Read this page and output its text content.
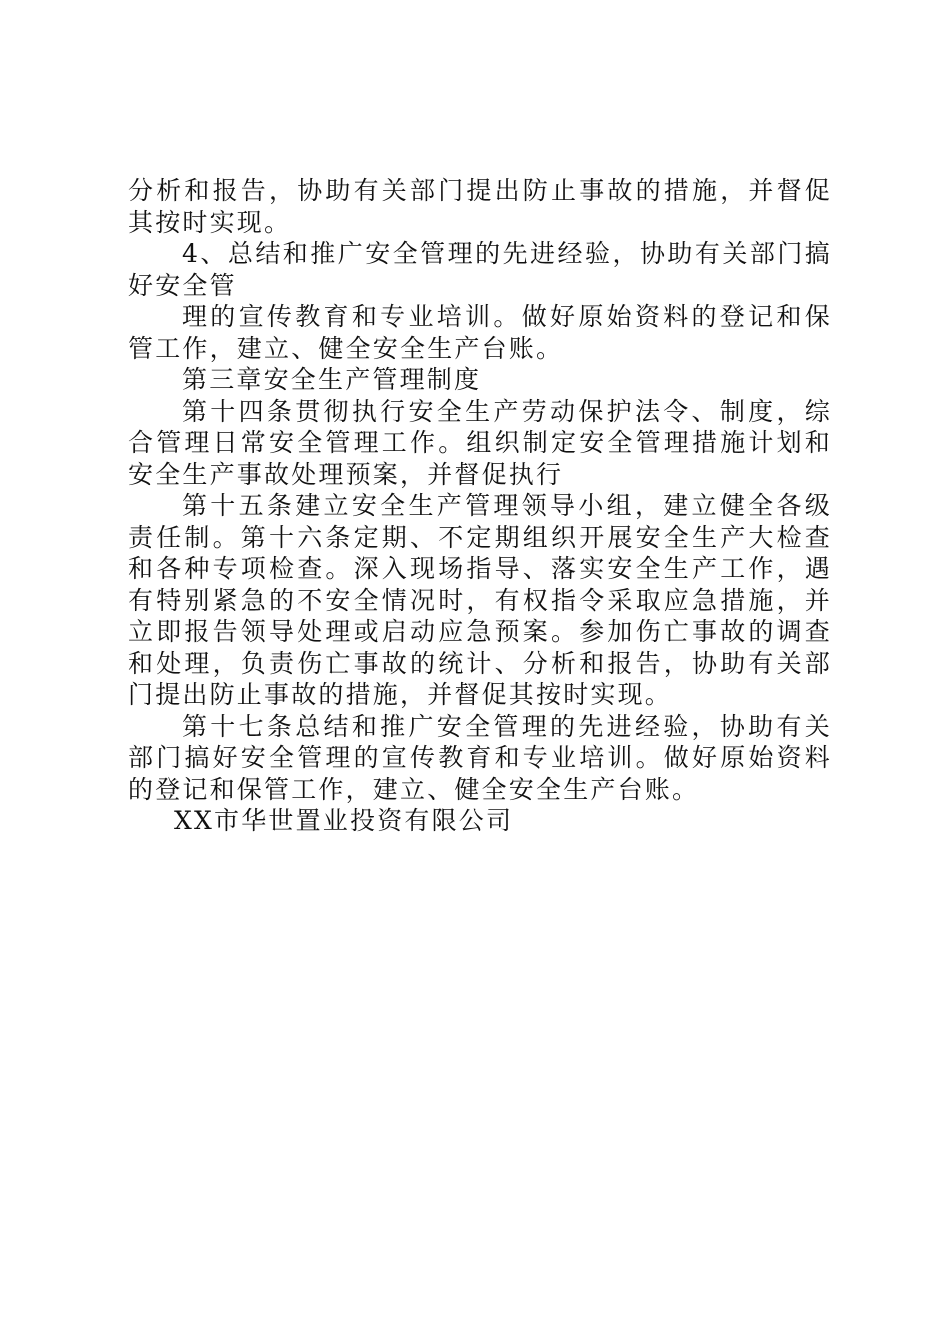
分析和报告，协助有关部门提出防止事故的措施，并督促其按时实现。

4、总结和推广安全管理的先进经验，协助有关部门搞好安全管

理的宣传教育和专业培训。做好原始资料的登记和保管工作，建立、健全安全生产台账。

第三章安全生产管理制度

第十四条贯彻执行安全生产劳动保护法令、制度，综合管理日常安全管理工作。组织制定安全管理措施计划和安全生产事故处理预案，并督促执行

第十五条建立安全生产管理领导小组，建立健全各级责任制。第十六条定期、不定期组织开展安全生产大检查和各种专项检查。深入现场指导、落实安全生产工作，遇有特别紧急的不安全情况时，有权指令采取应急措施，并立即报告领导处理或启动应急预案。参加伤亡事故的调查和处理，负责伤亡事故的统计、分析和报告，协助有关部门提出防止事故的措施，并督促其按时实现。

第十七条总结和推广安全管理的先进经验，协助有关部门搞好安全管理的宣传教育和专业培训。做好原始资料的登记和保管工作，建立、健全安全生产台账。

XX市华世置业投资有限公司
